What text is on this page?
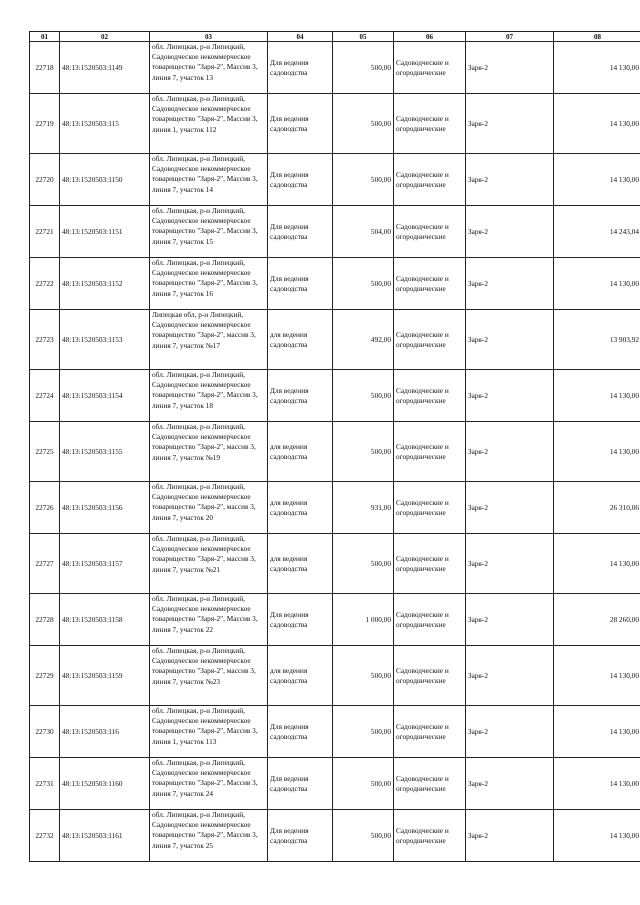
01	02	03	04	05	06	07	08
22718	48:13:1520503:1149	обл. Липецкая, р-н Липецкий, Садоводческое некоммерческое товарищество "Заря-2", Массив 3, линия 7, участок 13	Для ведения садоводства	500,00	Садоводческие и огороднические	Заря-2	14 130,00
22719	48:13:1520503:115	обл. Липецкая, р-н Липецкий, Садоводческое некоммерческое товарищество "Заря-2", Массив 3, линия 1, участок 112	Для ведения садоводства	500,00	Садоводческие и огороднические	Заря-2	14 130,00
22720	48:13:1520503:1150	обл. Липецкая, р-н Липецкий, Садоводческое некоммерческое товарищество "Заря-2", Массив 3, линия 7, участок 14	Для ведения садоводства	500,00	Садоводческие и огороднические	Заря-2	14 130,00
22721	48:13:1520503:1151	обл. Липецкая, р-н Липецкий, Садоводческое некоммерческое товарищество "Заря-2", Массив 3, линия 7, участок 15	Для ведения садоводства	504,00	Садоводческие и огороднические	Заря-2	14 243,04
22722	48:13:1520503:1152	обл. Липецкая, р-н Липецкий, Садоводческое некоммерческое товарищество "Заря-2", Массив 3, линия 7, участок 16	Для ведения садоводства	500,00	Садоводческие и огороднические	Заря-2	14 130,00
22723	48:13:1520503:1153	Липецкая обл, р-н Липецкий, Садоводческое некоммерческое товарищество "Заря-2", массив 3, линия 7, участок №17	для ведения садоводства	492,00	Садоводческие и огороднические	Заря-2	13 903,92
22724	48:13:1520503:1154	обл. Липецкая, р-н Липецкий, Садоводческое некоммерческое товарищество "Заря-2", Массив 3, линия 7, участок 18	Для ведения садоводства	500,00	Садоводческие и огороднические	Заря-2	14 130,00
22725	48:13:1520503:1155	обл. Липецкая, р-н Липецкий, Садоводческое некоммерческое товарищество "Заря-2", массив 3, линия 7, участок №19	для ведения садоводства	500,00	Садоводческие и огороднические	Заря-2	14 130,00
22726	48:13:1520503:1156	обл. Липецкая, р-н Липецкий, Садоводческое некоммерческое товарищество "Заря-2", массив 3, линия 7, участок 20	для ведения садоводства	931,00	Садоводческие и огороднические	Заря-2	26 310,06
22727	48:13:1520503:1157	обл. Липецкая, р-н Липецкий, Садоводческое некоммерческое товарищество "Заря-2", массив 3, линия 7, участок №21	для ведения садоводства	500,00	Садоводческие и огороднические	Заря-2	14 130,00
22728	48:13:1520503:1158	обл. Липецкая, р-н Липецкий, Садоводческое некоммерческое товарищество "Заря-2", Массив 3, линия 7, участок 22	Для ведения садоводства	1 000,00	Садоводческие и огороднические	Заря-2	28 260,00
22729	48:13:1520503:1159	обл. Липецкая, р-н Липецкий, Садоводческое некоммерческое товарищество "Заря-2", массив 3, линия 7, участок №23	для ведения садоводства	500,00	Садоводческие и огороднические	Заря-2	14 130,00
22730	48:13:1520503:116	обл. Липецкая, р-н Липецкий, Садоводческое некоммерческое товарищество "Заря-2", Массив 3, линия 1, участок 113	Для ведения садоводства	500,00	Садоводческие и огороднические	Заря-2	14 130,00
22731	48:13:1520503:1160	обл. Липецкая, р-н Липецкий, Садоводческое некоммерческое товарищество "Заря-2", Массив 3, линия 7, участок 24	Для ведения садоводства	500,00	Садоводческие и огороднические	Заря-2	14 130,00
22732	48:13:1520503:1161	обл. Липецкая, р-н Липецкий, Садоводческое некоммерческое товарищество "Заря-2", Массив 3, линия 7, участок 25	Для ведения садоводства	500,00	Садоводческие и огороднические	Заря-2	14 130,00
